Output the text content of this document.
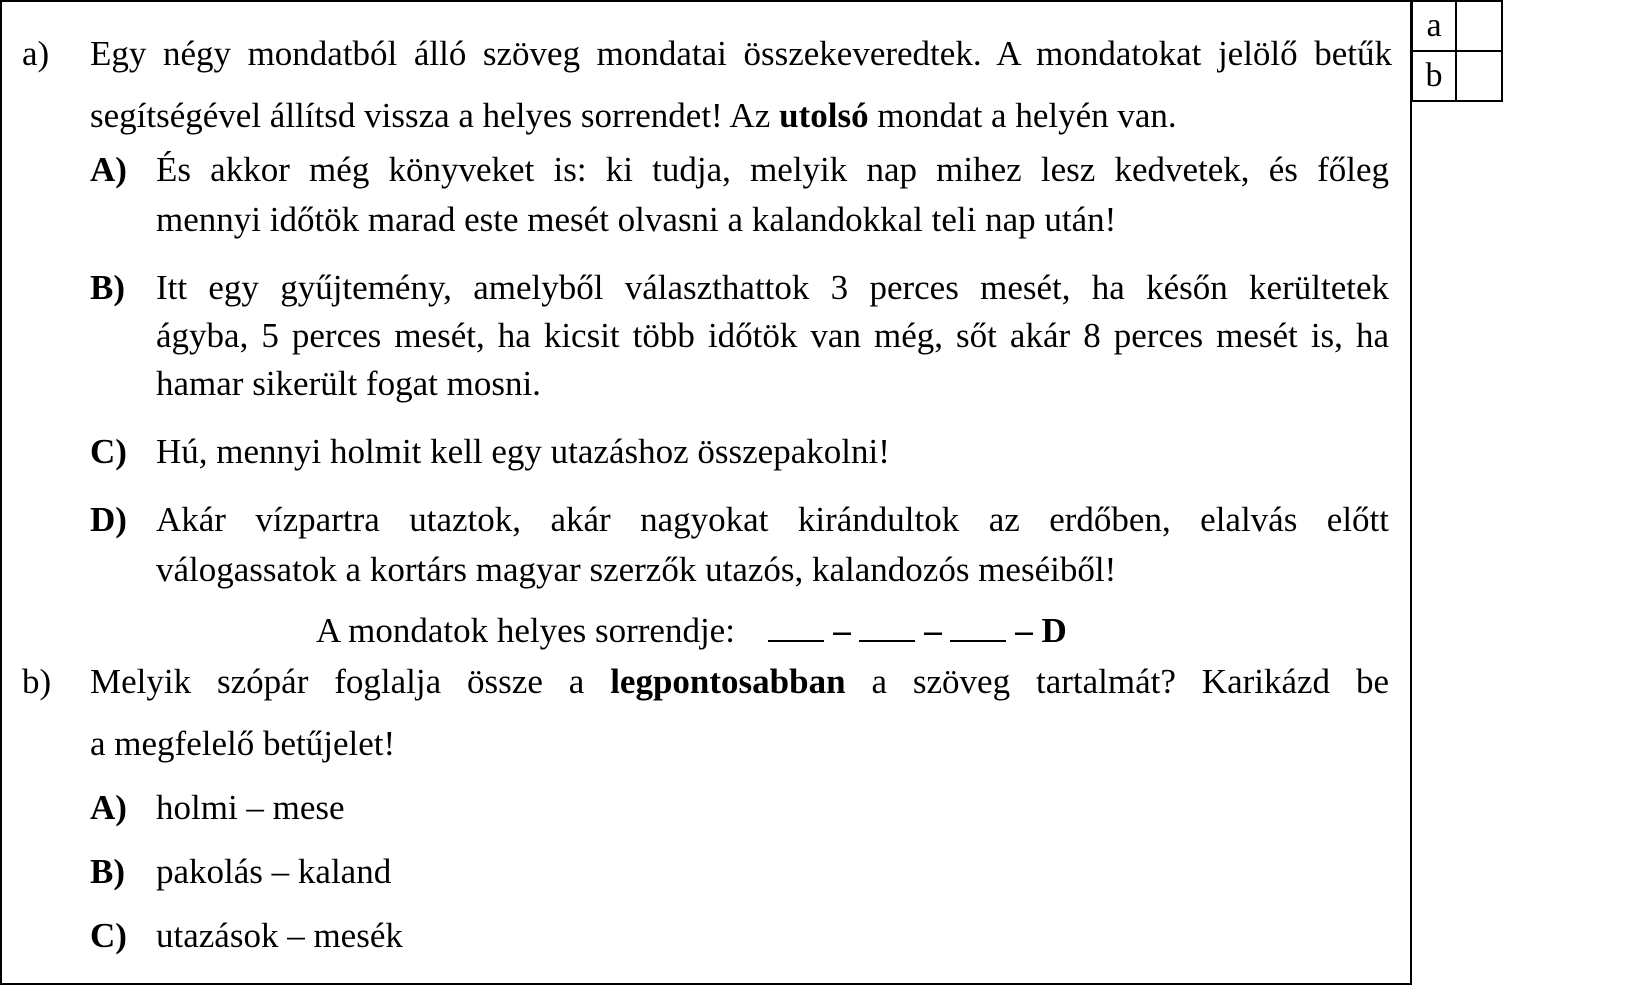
a	
b	
a) Egy négy mondatból álló szöveg mondatai összekeveredtek. A mondatokat jelölő betűk
segítségével állítsd vissza a helyes sorrendet! Az utolsó mondat a helyén van.
A) És akkor még könyveket is: ki tudja, melyik nap mihez lesz kedvetek, és főleg
mennyi időtök marad este mesét olvasni a kalandokkal teli nap után!
B) Itt egy gyűjtemény, amelyből választhattok 3 perces mesét, ha későn kerültetek
ágyba, 5 perces mesét, ha kicsit több időtök van még, sőt akár 8 perces mesét is, ha
hamar sikerült fogat mosni.
C) Hú, mennyi holmit kell egy utazáshoz összepakolni!
D) Akár vízpartra utaztok, akár nagyokat kirándultok az erdőben, elalvás előtt
válogassatok a kortárs magyar szerzők utazós, kalandozós meséiből!
A mondatok helyes sorrendje:	– – – D
b) Melyik szópár foglalja össze a legpontosabban a szöveg tartalmát? Karikázd be
a megfelelő betűjelet!
A) holmi – mese
B) pakolás – kaland
C) utazások – mesék
